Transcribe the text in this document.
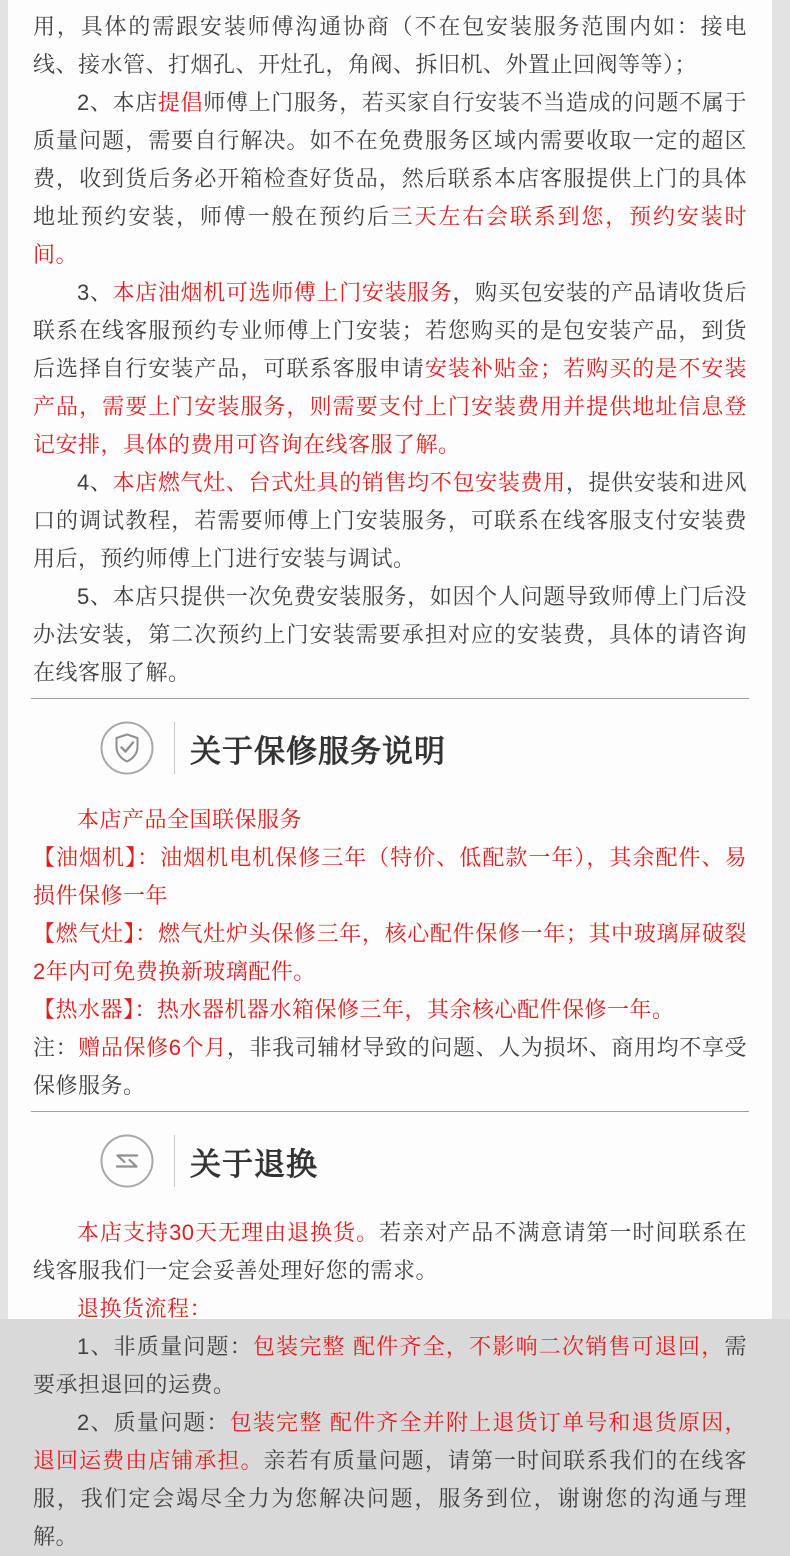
用，具体的需跟安装师傅沟通协商（不在包安装服务范围内如：接电线、接水管、打烟孔、开灶孔，角阀、拆旧机、外置止回阀等等）；

2、本店提倡师傅上门服务，若买家自行安装不当造成的问题不属于质量问题，需要自行解决。如不在免费服务区域内需要收取一定的超区费，收到货后务必开箱检查好货品，然后联系本店客服提供上门的具体地址预约安装，师傅一般在预约后三天左右会联系到您，预约安装时间。

3、本店油烟机可选师傅上门安装服务，购买包安装的产品请收货后联系在线客服预约专业师傅上门安装；若您购买的是包安装产品，到货后选择自行安装产品，可联系客服申请安装补贴金；若购买的是不安装产品，需要上门安装服务，则需要支付上门安装费用并提供地址信息登记安排，具体的费用可咨询在线客服了解。

4、本店燃气灶、台式灶具的销售均不包安装费用，提供安装和进风口的调试教程，若需要师傅上门安装服务，可联系在线客服支付安装费用后，预约师傅上门进行安装与调试。

5、本店只提供一次免费安装服务，如因个人问题导致师傅上门后没办法安装，第二次预约上门安装需要承担对应的安装费，具体的请咨询在线客服了解。

关于保修服务说明

本店产品全国联保服务

【油烟机】：油烟机电机保修三年（特价、低配款一年），其余配件、易损件保修一年

【燃气灶】：燃气灶炉头保修三年，核心配件保修一年；其中玻璃屏破裂2年内可免费换新玻璃配件。

【热水器】：热水器机器水箱保修三年，其余核心配件保修一年。

注：赠品保修6个月，非我司辅材导致的问题、人为损坏、商用均不享受保修服务。

关于退换

本店支持30天无理由退换货。若亲对产品不满意请第一时间联系在线客服我们一定会妥善处理好您的需求。

退换货流程：

1、非质量问题：包装完整 配件齐全，不影响二次销售可退回，需要承担退回的运费。

2、质量问题：包装完整 配件齐全并附上退货订单号和退货原因，退回运费由店铺承担。亲若有质量问题，请第一时间联系我们的在线客服，我们定会竭尽全力为您解决问题，服务到位，谢谢您的沟通与理解。
